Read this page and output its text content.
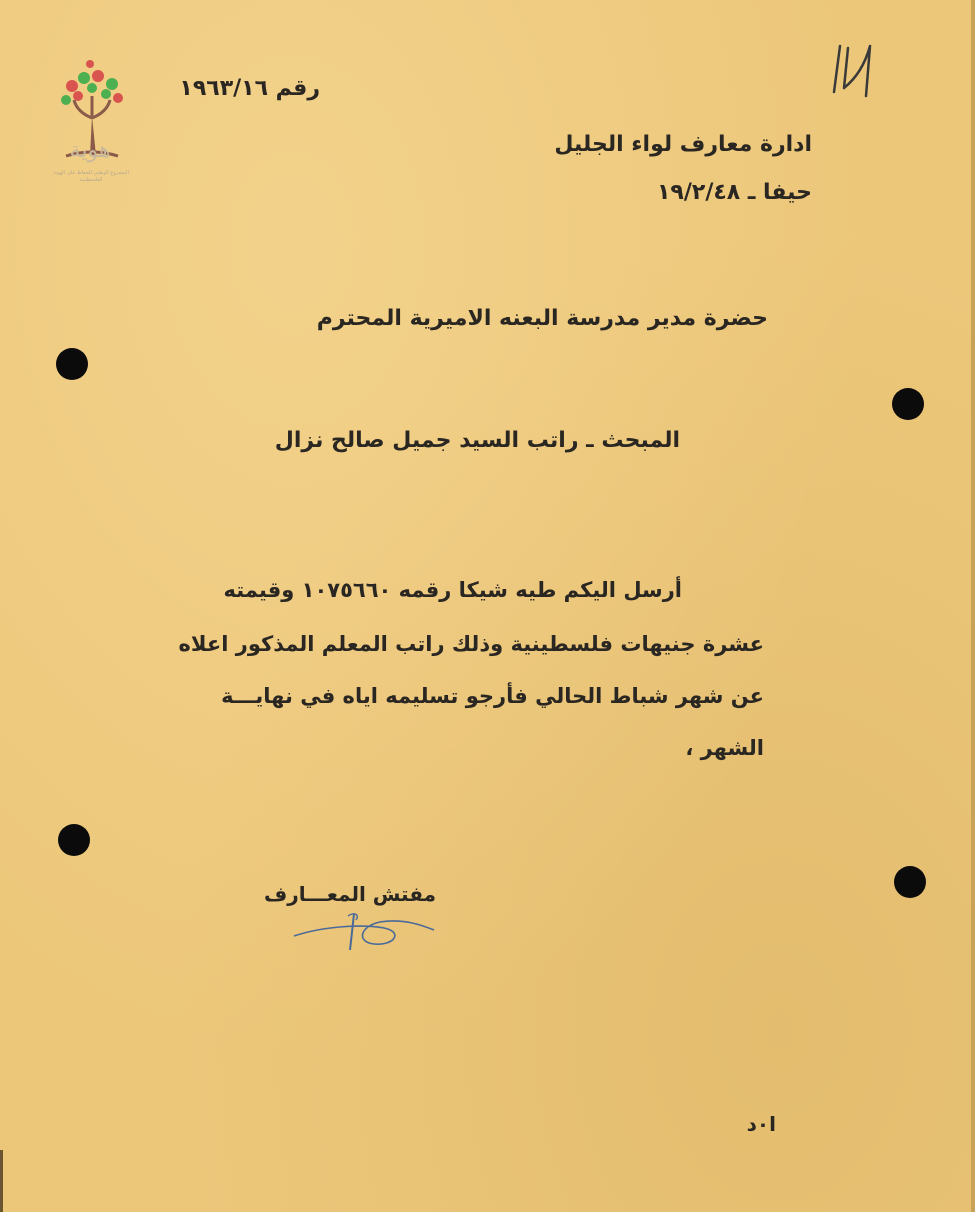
هوية
المشروع الوطني للحفاظ على الهوية الفلسطينية
رقم ١٩٦٣/١٦
ادارة معارف لواء الجليل
حيفا ـ ١٩/٢/٤٨
حضرة مدير مدرسة البعنه الاميرية المحترم
المبحث ـ راتب السيد جميل صالح نزال
أرسل اليكم طيه شيكا رقمه ١٠٧٥٦٦٠ وقيمته
عشرة جنيهات فلسطينية وذلك راتب المعلم المذكور اعلاه
عن شهر شباط الحالي فأرجو تسليمه اياه في نهايـــة
الشهر ،
مفتش المعـــارف
ا٠د
